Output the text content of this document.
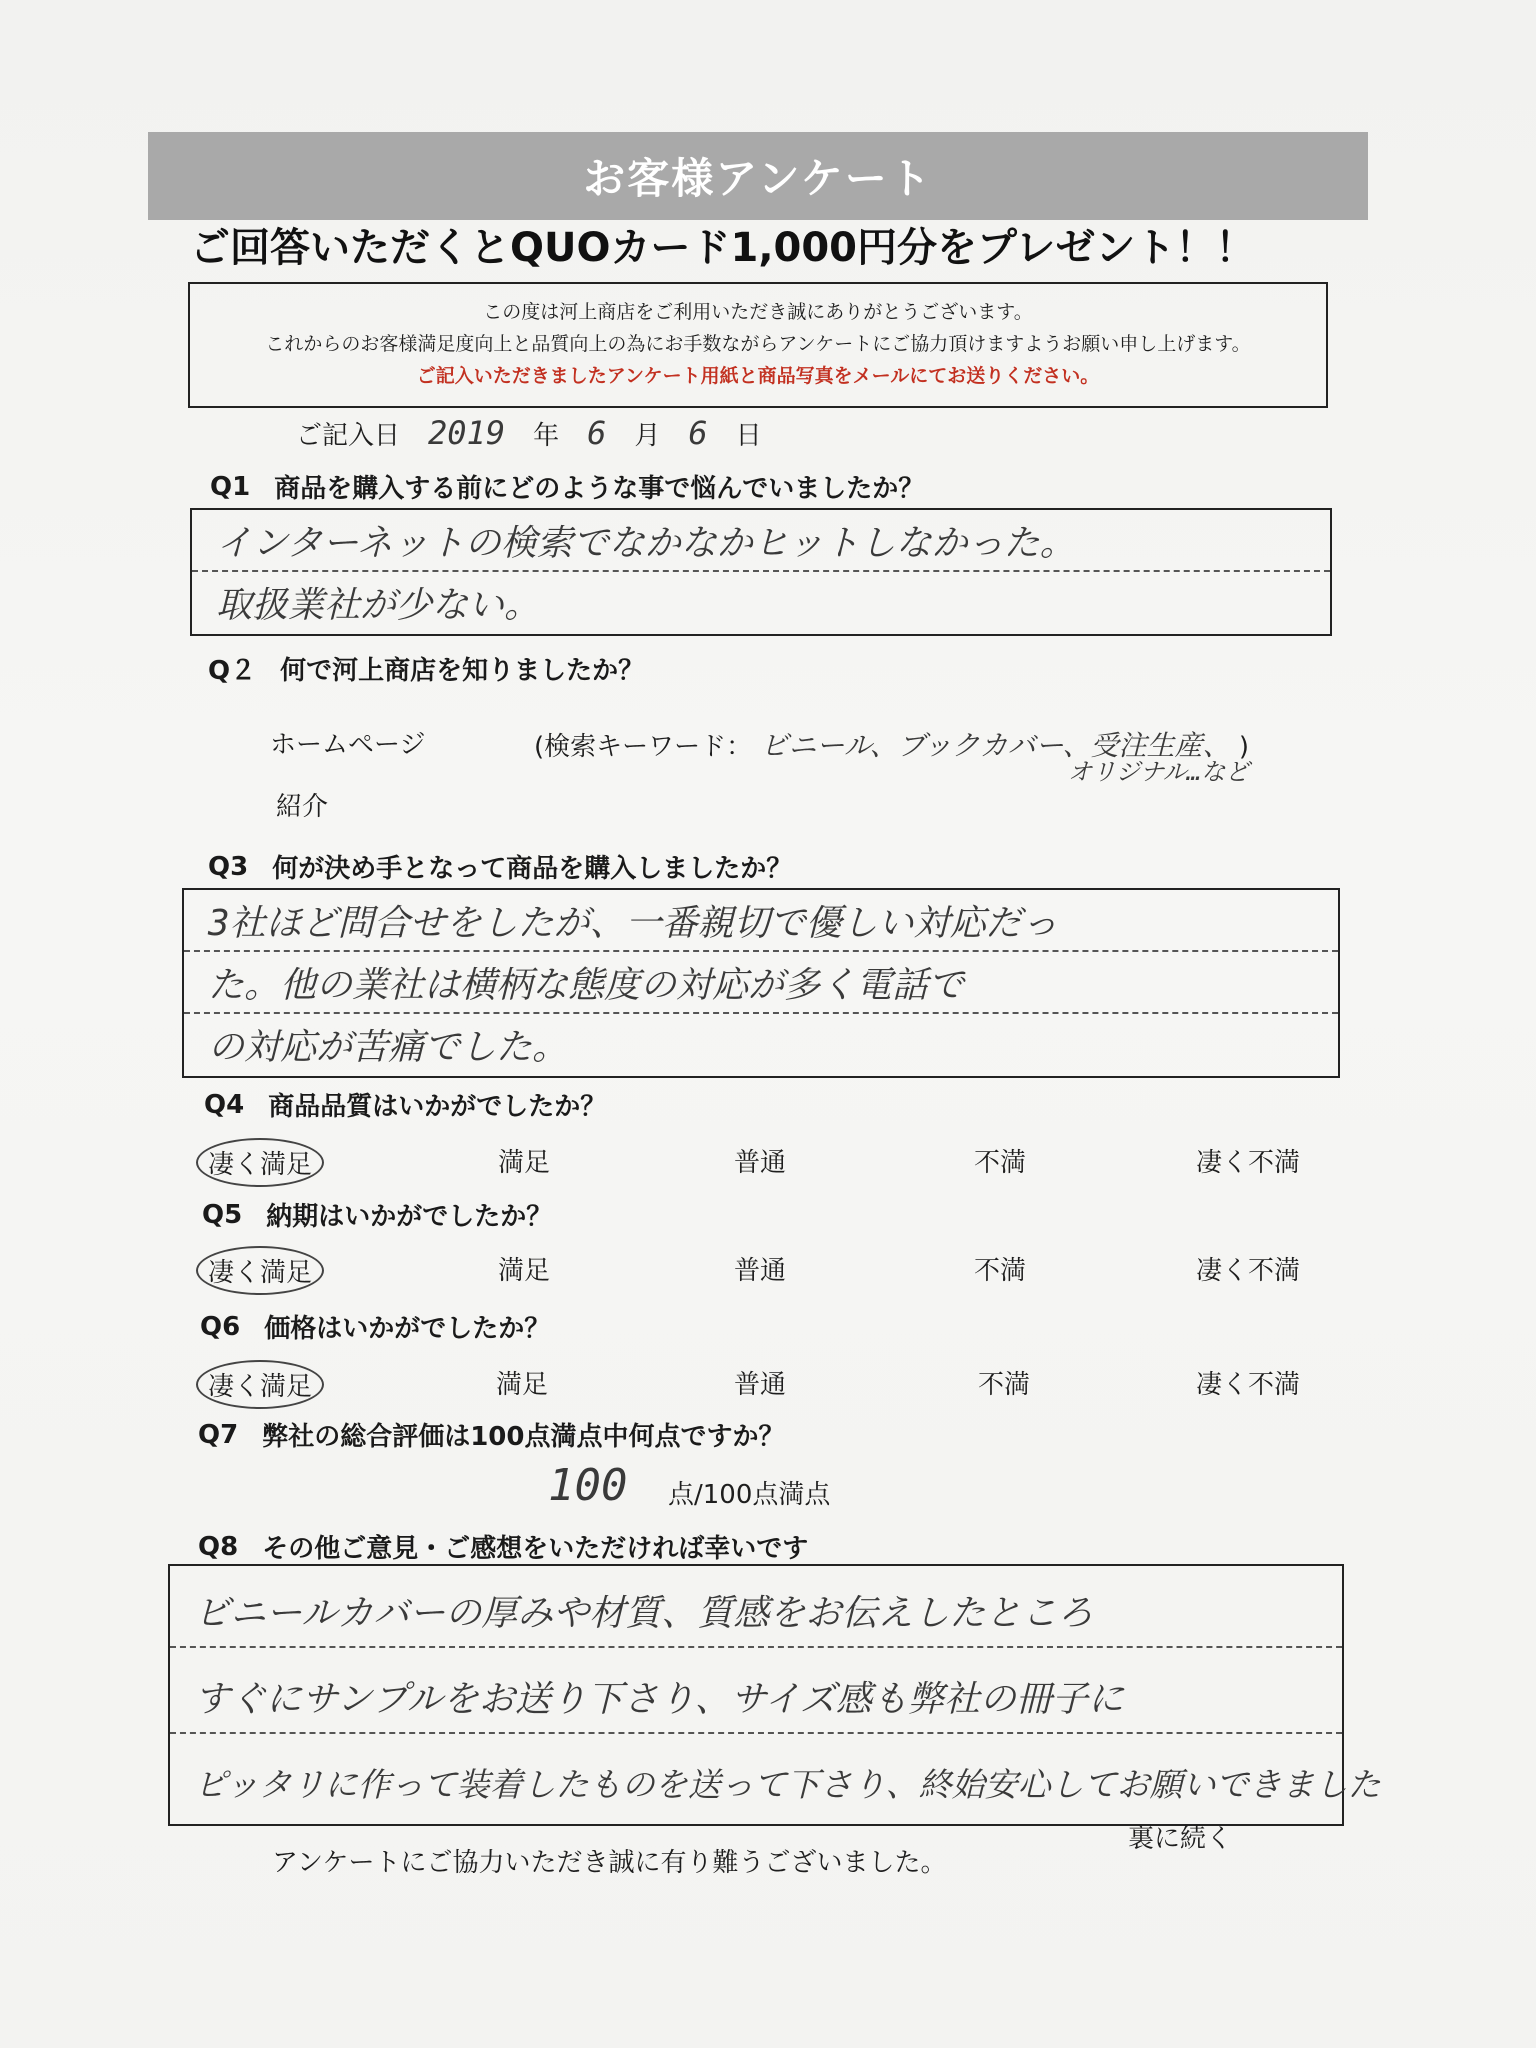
お客様アンケート
ご回答いただくとQUOカード1,000円分をプレゼント！！
この度は河上商店をご利用いただき誠にありがとうございます。
これからのお客様満足度向上と品質向上の為にお手数ながらアンケートにご協力頂けますようお願い申し上げます。
ご記入いただきましたアンケート用紙と商品写真をメールにてお送りください。
ご記入日 2019 年 6 月 6 日
Q1 商品を購入する前にどのような事で悩んでいましたか？
インターネットの検索でなかなかヒットしなかった。
取扱業社が少ない。
Q２ 何で河上商店を知りましたか？
ホームページ	(検索キーワード： ビニール、ブックカバー、受注生産、 )
オリジナル…など
紹介
Q3 何が決め手となって商品を購入しましたか？
3社ほど問合せをしたが、一番親切で優しい対応だっ
た。他の業社は横柄な態度の対応が多く電話で
の対応が苦痛でした。
Q4 商品品質はいかがでしたか？
凄く満足	満足	普通	不満	凄く不満
Q5 納期はいかがでしたか？
凄く満足	満足	普通	不満	凄く不満
Q6 価格はいかがでしたか？
凄く満足	満足	普通	不満	凄く不満
Q7 弊社の総合評価は100点満点中何点ですか？
100 点/100点満点
Q8 その他ご意見・ご感想をいただければ幸いです
ビニールカバーの厚みや材質、質感をお伝えしたところ
すぐにサンプルをお送り下さり、サイズ感も弊社の冊子に
ピッタリに作って装着したものを送って下さり、終始安心してお願いできました
アンケートにご協力いただき誠に有り難うございました。
裏に続く
